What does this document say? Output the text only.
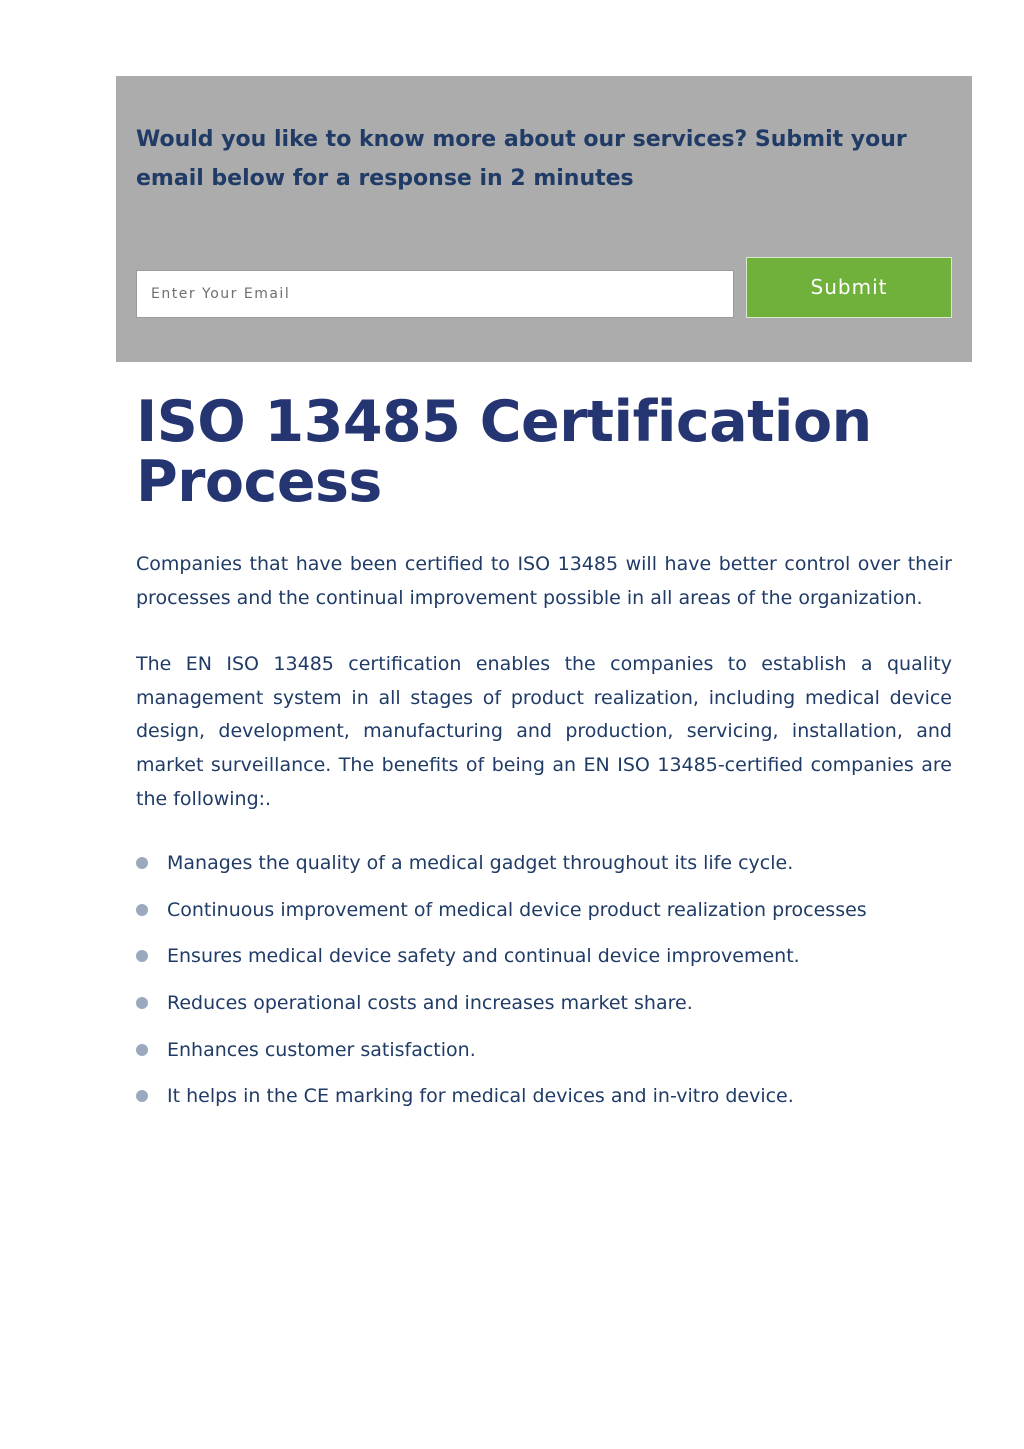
Would you like to know more about our services? Submit your email below for a response in 2 minutes

Enter Your Email
Submit
ISO 13485 Certification Process

Companies that have been certified to ISO 13485 will have better control over their processes and the continual improvement possible in all areas of the organization.

The EN ISO 13485 certification enables the companies to establish a quality management system in all stages of product realization, including medical device design, development, manufacturing and production, servicing, installation, and market surveillance. The benefits of being an EN ISO 13485-certified companies are the following:.

Manages the quality of a medical gadget throughout its life cycle.
Continuous improvement of medical device product realization processes
Ensures medical device safety and continual device improvement.
Reduces operational costs and increases market share.
Enhances customer satisfaction.
It helps in the CE marking for medical devices and in-vitro device.
